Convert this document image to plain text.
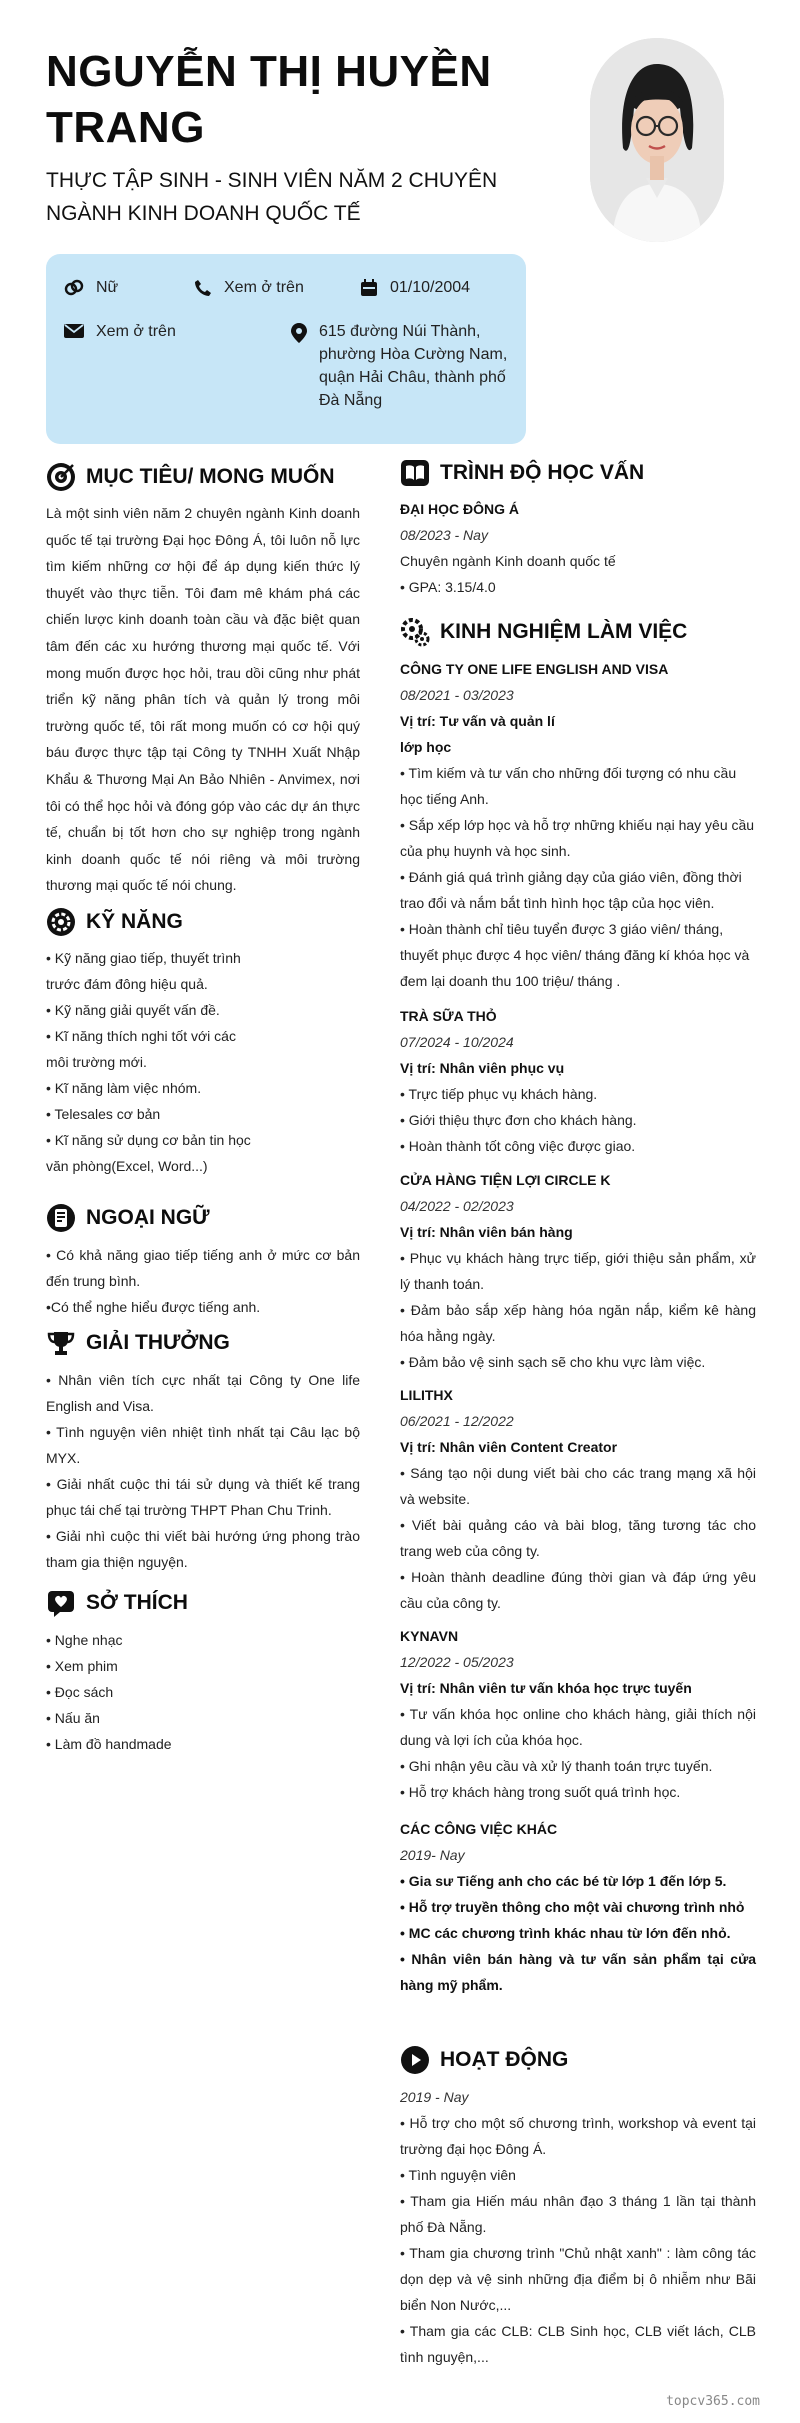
NGUYỄN THỊ HUYỀN TRANG
THỰC TẬP SINH - SINH VIÊN NĂM 2 CHUYÊN NGÀNH KINH DOANH QUỐC TẾ
Nữ	Xem ở trên	01/10/2004
Xem ở trên	615 đường Núi Thành, phường Hòa Cường Nam, quận Hải Châu, thành phố Đà Nẵng
MỤC TIÊU/ MONG MUỐN
Là một sinh viên năm 2 chuyên ngành Kinh doanh quốc tế tại trường Đại học Đông Á, tôi luôn nỗ lực tìm kiếm những cơ hội để áp dụng kiến thức lý thuyết vào thực tiễn. Tôi đam mê khám phá các chiến lược kinh doanh toàn cầu và đặc biệt quan tâm đến các xu hướng thương mại quốc tế. Với mong muốn được học hỏi, trau dồi cũng như phát triển kỹ năng phân tích và quản lý trong môi trường quốc tế, tôi rất mong muốn có cơ hội quý báu được thực tập tại Công ty TNHH Xuất Nhập Khẩu & Thương Mại An Bảo Nhiên - Anvimex, nơi tôi có thể học hỏi và đóng góp vào các dự án thực tế, chuẩn bị tốt hơn cho sự nghiệp trong ngành kinh doanh quốc tế nói riêng và môi trường thương mại quốc tế nói chung.
KỸ NĂNG
• Kỹ năng giao tiếp, thuyết trình
trước đám đông hiệu quả.
• Kỹ năng giải quyết vấn đề.
• Kĩ năng thích nghi tốt với các
môi trường mới.
• Kĩ năng làm việc nhóm.
• Telesales cơ bản
• Kĩ năng sử dụng cơ bản tin học
văn phòng(Excel, Word...)
NGOẠI NGỮ
• Có khả năng giao tiếp tiếng anh ở mức cơ bản đến trung bình.
•Có thể nghe hiểu được tiếng anh.
GIẢI THƯỞNG
• Nhân viên tích cực nhất tại Công ty One life English and Visa.
• Tình nguyện viên nhiệt tình nhất tại Câu lạc bộ MYX.
• Giải nhất cuộc thi tái sử dụng và thiết kế trang phục tái chế tại trường THPT Phan Chu Trinh.
• Giải nhì cuộc thi viết bài hướng ứng phong trào tham gia thiện nguyện.
SỞ THÍCH
• Nghe nhạc
• Xem phim
• Đọc sách
• Nấu ăn
• Làm đồ handmade
TRÌNH ĐỘ HỌC VẤN
ĐẠI HỌC ĐÔNG Á
08/2023 - Nay
Chuyên ngành Kinh doanh quốc tế
• GPA: 3.15/4.0
KINH NGHIỆM LÀM VIỆC
CÔNG TY ONE LIFE ENGLISH AND VISA
08/2021 - 03/2023
Vị trí: Tư vấn và quản lí lớp học
• Tìm kiếm và tư vấn cho những đối tượng có nhu cầu học tiếng Anh.
• Sắp xếp lớp học và hỗ trợ những khiếu nại hay yêu cầu của phụ huynh và học sinh.
• Đánh giá quá trình giảng dạy của giáo viên, đồng thời trao đổi và nắm bắt tình hình học tập của học viên.
• Hoàn thành chỉ tiêu tuyển được 3 giáo viên/ tháng, thuyết phục được 4 học viên/ tháng đăng kí khóa học và đem lại doanh thu 100 triệu/ tháng .
TRÀ SỮA THỎ
07/2024 - 10/2024
Vị trí: Nhân viên phục vụ
• Trực tiếp phục vụ khách hàng.
• Giới thiệu thực đơn cho khách hàng.
• Hoàn thành tốt công việc được giao.
CỬA HÀNG TIỆN LỢI CIRCLE K
04/2022 - 02/2023
Vị trí: Nhân viên bán hàng
• Phục vụ khách hàng trực tiếp, giới thiệu sản phẩm, xử lý thanh toán.
• Đảm bảo sắp xếp hàng hóa ngăn nắp, kiểm kê hàng hóa hằng ngày.
• Đảm bảo vệ sinh sạch sẽ cho khu vực làm việc.
LILITHX
06/2021 - 12/2022
Vị trí: Nhân viên Content Creator
• Sáng tạo nội dung viết bài cho các trang mạng xã hội và website.
• Viết bài quảng cáo và bài blog, tăng tương tác cho trang web của công ty.
• Hoàn thành deadline đúng thời gian và đáp ứng yêu cầu của công ty.
KYNAVN
12/2022 - 05/2023
Vị trí: Nhân viên tư vấn khóa học trực tuyến
• Tư vấn khóa học online cho khách hàng, giải thích nội dung và lợi ích của khóa học.
• Ghi nhận yêu cầu và xử lý thanh toán trực tuyến.
• Hỗ trợ khách hàng trong suốt quá trình học.
CÁC CÔNG VIỆC KHÁC
2019- Nay
• Gia sư Tiếng anh cho các bé từ lớp 1 đến lớp 5.
• Hỗ trợ truyền thông cho một vài chương trình nhỏ
• MC các chương trình khác nhau từ lớn đến nhỏ.
• Nhân viên bán hàng và tư vấn sản phẩm tại cửa hàng mỹ phẩm.
HOẠT ĐỘNG
2019 - Nay
• Hỗ trợ cho một số chương trình, workshop và event tại trường đại học Đông Á.
• Tình nguyện viên
• Tham gia Hiến máu nhân đạo 3 tháng 1 lần tại thành phố Đà Nẵng.
• Tham gia chương trình "Chủ nhật xanh" : làm công tác dọn dẹp và vệ sinh những địa điểm bị ô nhiễm như Bãi biển Non Nước,...
• Tham gia các CLB: CLB Sinh học, CLB viết lách, CLB tình nguyện,...
topcv365.com
